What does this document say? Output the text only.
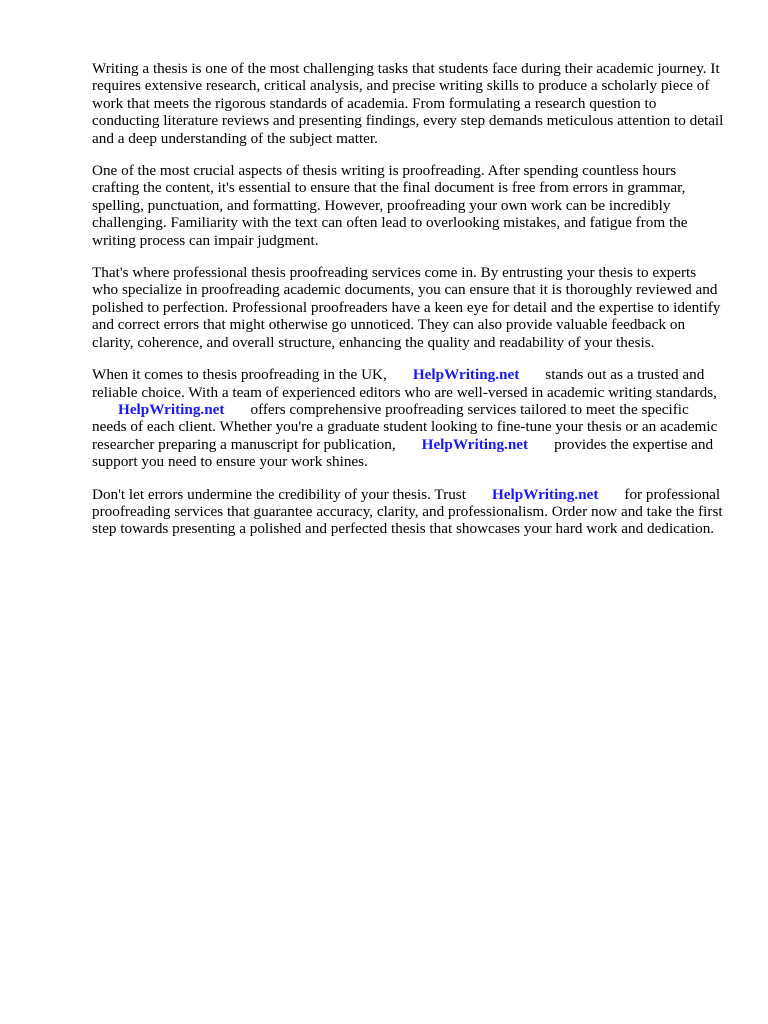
Writing a thesis is one of the most challenging tasks that students face during their academic journey. It requires extensive research, critical analysis, and precise writing skills to produce a scholarly piece of work that meets the rigorous standards of academia. From formulating a research question to conducting literature reviews and presenting findings, every step demands meticulous attention to detail and a deep understanding of the subject matter.

One of the most crucial aspects of thesis writing is proofreading. After spending countless hours crafting the content, it's essential to ensure that the final document is free from errors in grammar, spelling, punctuation, and formatting. However, proofreading your own work can be incredibly challenging. Familiarity with the text can often lead to overlooking mistakes, and fatigue from the writing process can impair judgment.

That's where professional thesis proofreading services come in. By entrusting your thesis to experts who specialize in proofreading academic documents, you can ensure that it is thoroughly reviewed and polished to perfection. Professional proofreaders have a keen eye for detail and the expertise to identify and correct errors that might otherwise go unnoticed. They can also provide valuable feedback on clarity, coherence, and overall structure, enhancing the quality and readability of your thesis.

When it comes to thesis proofreading in the UK, HelpWriting.net stands out as a trusted and reliable choice. With a team of experienced editors who are well-versed in academic writing standards,HelpWriting.net offers comprehensive proofreading services tailored to meet the specific needs of each client. Whether you're a graduate student looking to fine-tune your thesis or an academic researcher preparing a manuscript for publication, HelpWriting.net provides the expertise and support you need to ensure your work shines.

Don't let errors undermine the credibility of your thesis. Trust HelpWriting.net for professional proofreading services that guarantee accuracy, clarity, and professionalism. Order now and take the first step towards presenting a polished and perfected thesis that showcases your hard work and dedication.
